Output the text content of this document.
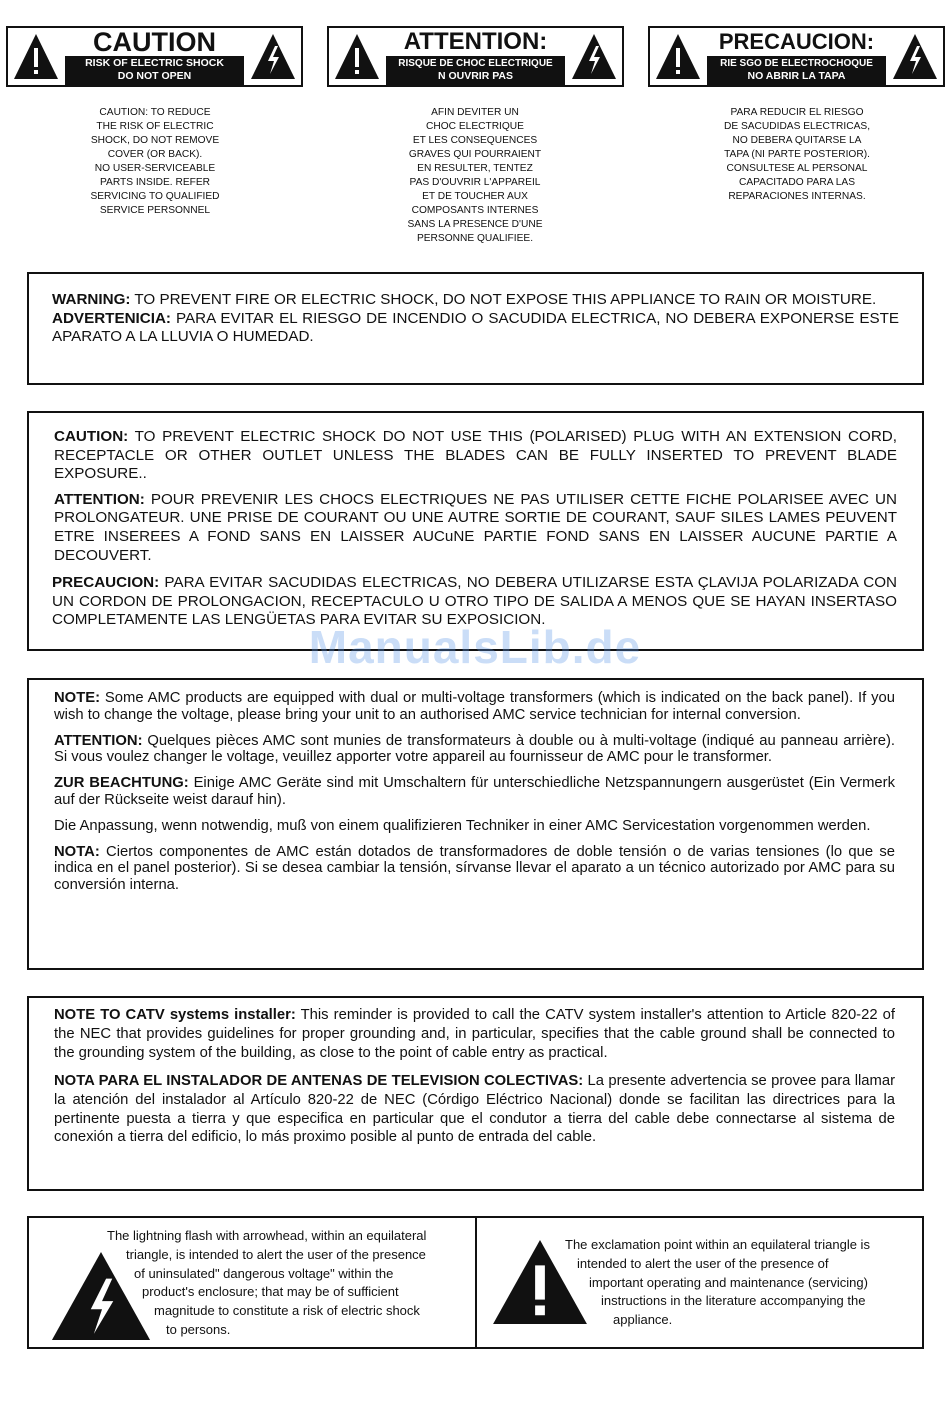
CAUTION
RISK OF ELECTRIC SHOCK
DO NOT OPEN
ATTENTION:
RISQUE DE CHOC ELECTRIQUE
N OUVRIR PAS
PRECAUCION:
RIE SGO DE ELECTROCHOQUE
NO ABRIR LA TAPA
CAUTION: TO REDUCE
THE RISK OF ELECTRIC
SHOCK, DO NOT REMOVE
COVER (OR BACK).
NO USER-SERVICEABLE
PARTS INSIDE. REFER
SERVICING TO QUALIFIED
SERVICE PERSONNEL
AFIN DEVITER UN
CHOC ELECTRIQUE
ET LES CONSEQUENCES
GRAVES QUI POURRAIENT
EN RESULTER, TENTEZ
PAS D'OUVRIR L'APPAREIL
ET DE TOUCHER AUX
COMPOSANTS INTERNES
SANS LA PRESENCE D'UNE
PERSONNE QUALIFIEE.
PARA REDUCIR EL RIESGO
DE SACUDIDAS ELECTRICAS,
NO DEBERA QUITARSE LA
TAPA (NI PARTE POSTERIOR).
CONSULTESE AL PERSONAL
CAPACITADO PARA LAS
REPARACIONES INTERNAS.

WARNING: TO PREVENT FIRE OR ELECTRIC SHOCK, DO NOT EXPOSE THIS APPLIANCE TO RAIN OR MOISTURE.

ADVERTENICIA: PARA EVITAR EL RIESGO DE INCENDIO O SACUDIDA ELECTRICA, NO DEBERA EXPONERSE ESTE APARATO A LA LLUVIA O HUMEDAD.

CAUTION: TO PREVENT ELECTRIC SHOCK DO NOT USE THIS (POLARISED) PLUG WITH AN EXTENSION CORD, RECEPTACLE OR OTHER OUTLET UNLESS THE BLADES CAN BE FULLY INSERTED TO PREVENT BLADE EXPOSURE..

ATTENTION: POUR PREVENIR LES CHOCS ELECTRIQUES NE PAS UTILISER CETTE FICHE POLARISEE AVEC UN PROLONGATEUR. UNE PRISE DE COURANT OU UNE AUTRE SORTIE DE COURANT, SAUF SILES LAMES PEUVENT ETRE INSEREES A FOND SANS EN LAISSER AUCuNE PARTIE FOND SANS EN LAISSER AUCUNE PARTIE A DECOUVERT.

PRECAUCION: PARA EVITAR SACUDIDAS ELECTRICAS, NO DEBERA UTILIZARSE ESTA ÇLAVIJA POLARIZADA CON UN CORDON DE PROLONGACION, RECEPTACULO U OTRO TIPO DE SALIDA A MENOS QUE SE HAYAN INSERTASO COMPLETAMENTE LAS LENGÜETAS PARA EVITAR SU EXPOSICION.

ManualsLib.de

NOTE: Some AMC products are equipped with dual or multi-voltage transformers (which is indicated on the back panel). If you wish to change the voltage, please bring your unit to an authorised AMC service technician for internal conversion.

ATTENTION: Quelques pièces AMC sont munies de transformateurs à double ou à multi-voltage (indiqué au panneau arrière). Si vous voulez changer le voltage, veuillez apporter votre appareil au fournisseur de AMC pour le transformer.

ZUR BEACHTUNG: Einige AMC Geräte sind mit Umschaltern für unterschiedliche Netzspannungern ausgerüstet (Ein Vermerk auf der Rückseite weist darauf hin).

Die Anpassung, wenn notwendig, muß von einem qualifizieren Techniker in einer AMC Servicestation vorgenommen werden.

NOTA: Ciertos componentes de AMC están dotados de transformadores de doble tensión o de varias tensiones (lo que se indica en el panel posterior). Si se desea cambiar la tensión, sírvanse llevar el aparato a un técnico autorizado por AMC para su conversión interna.

NOTE TO CATV systems installer: This reminder is provided to call the CATV system installer's attention to Article 820-22 of the NEC that provides guidelines for proper grounding and, in particular, specifies that the cable ground shall be connected to the grounding system of the building, as close to the point of cable entry as practical.

NOTA PARA EL INSTALADOR DE ANTENAS DE TELEVISION COLECTIVAS: La presente advertencia se provee para llamar la atención del instalador al Artículo 820-22 de NEC (Córdigo Eléctrico Nacional) donde se facilitan las directrices para la pertinente puesta a tierra y que especifica en particular que el condutor a tierra del cable debe connectarse al sistema de conexión a tierra del edificio, lo más proximo posible al punto de entrada del cable.

The lightning flash with arrowhead, within an equilateral
triangle, is intended to alert the user of the presence
of uninsulated" dangerous voltage" within the
product's enclosure; that may be of sufficient
magnitude to constitute a risk of electric shock
to persons.
The exclamation point within an equilateral triangle is
intended to alert the user of the presence of
important operating and maintenance (servicing)
instructions in the literature accompanying the
appliance.
